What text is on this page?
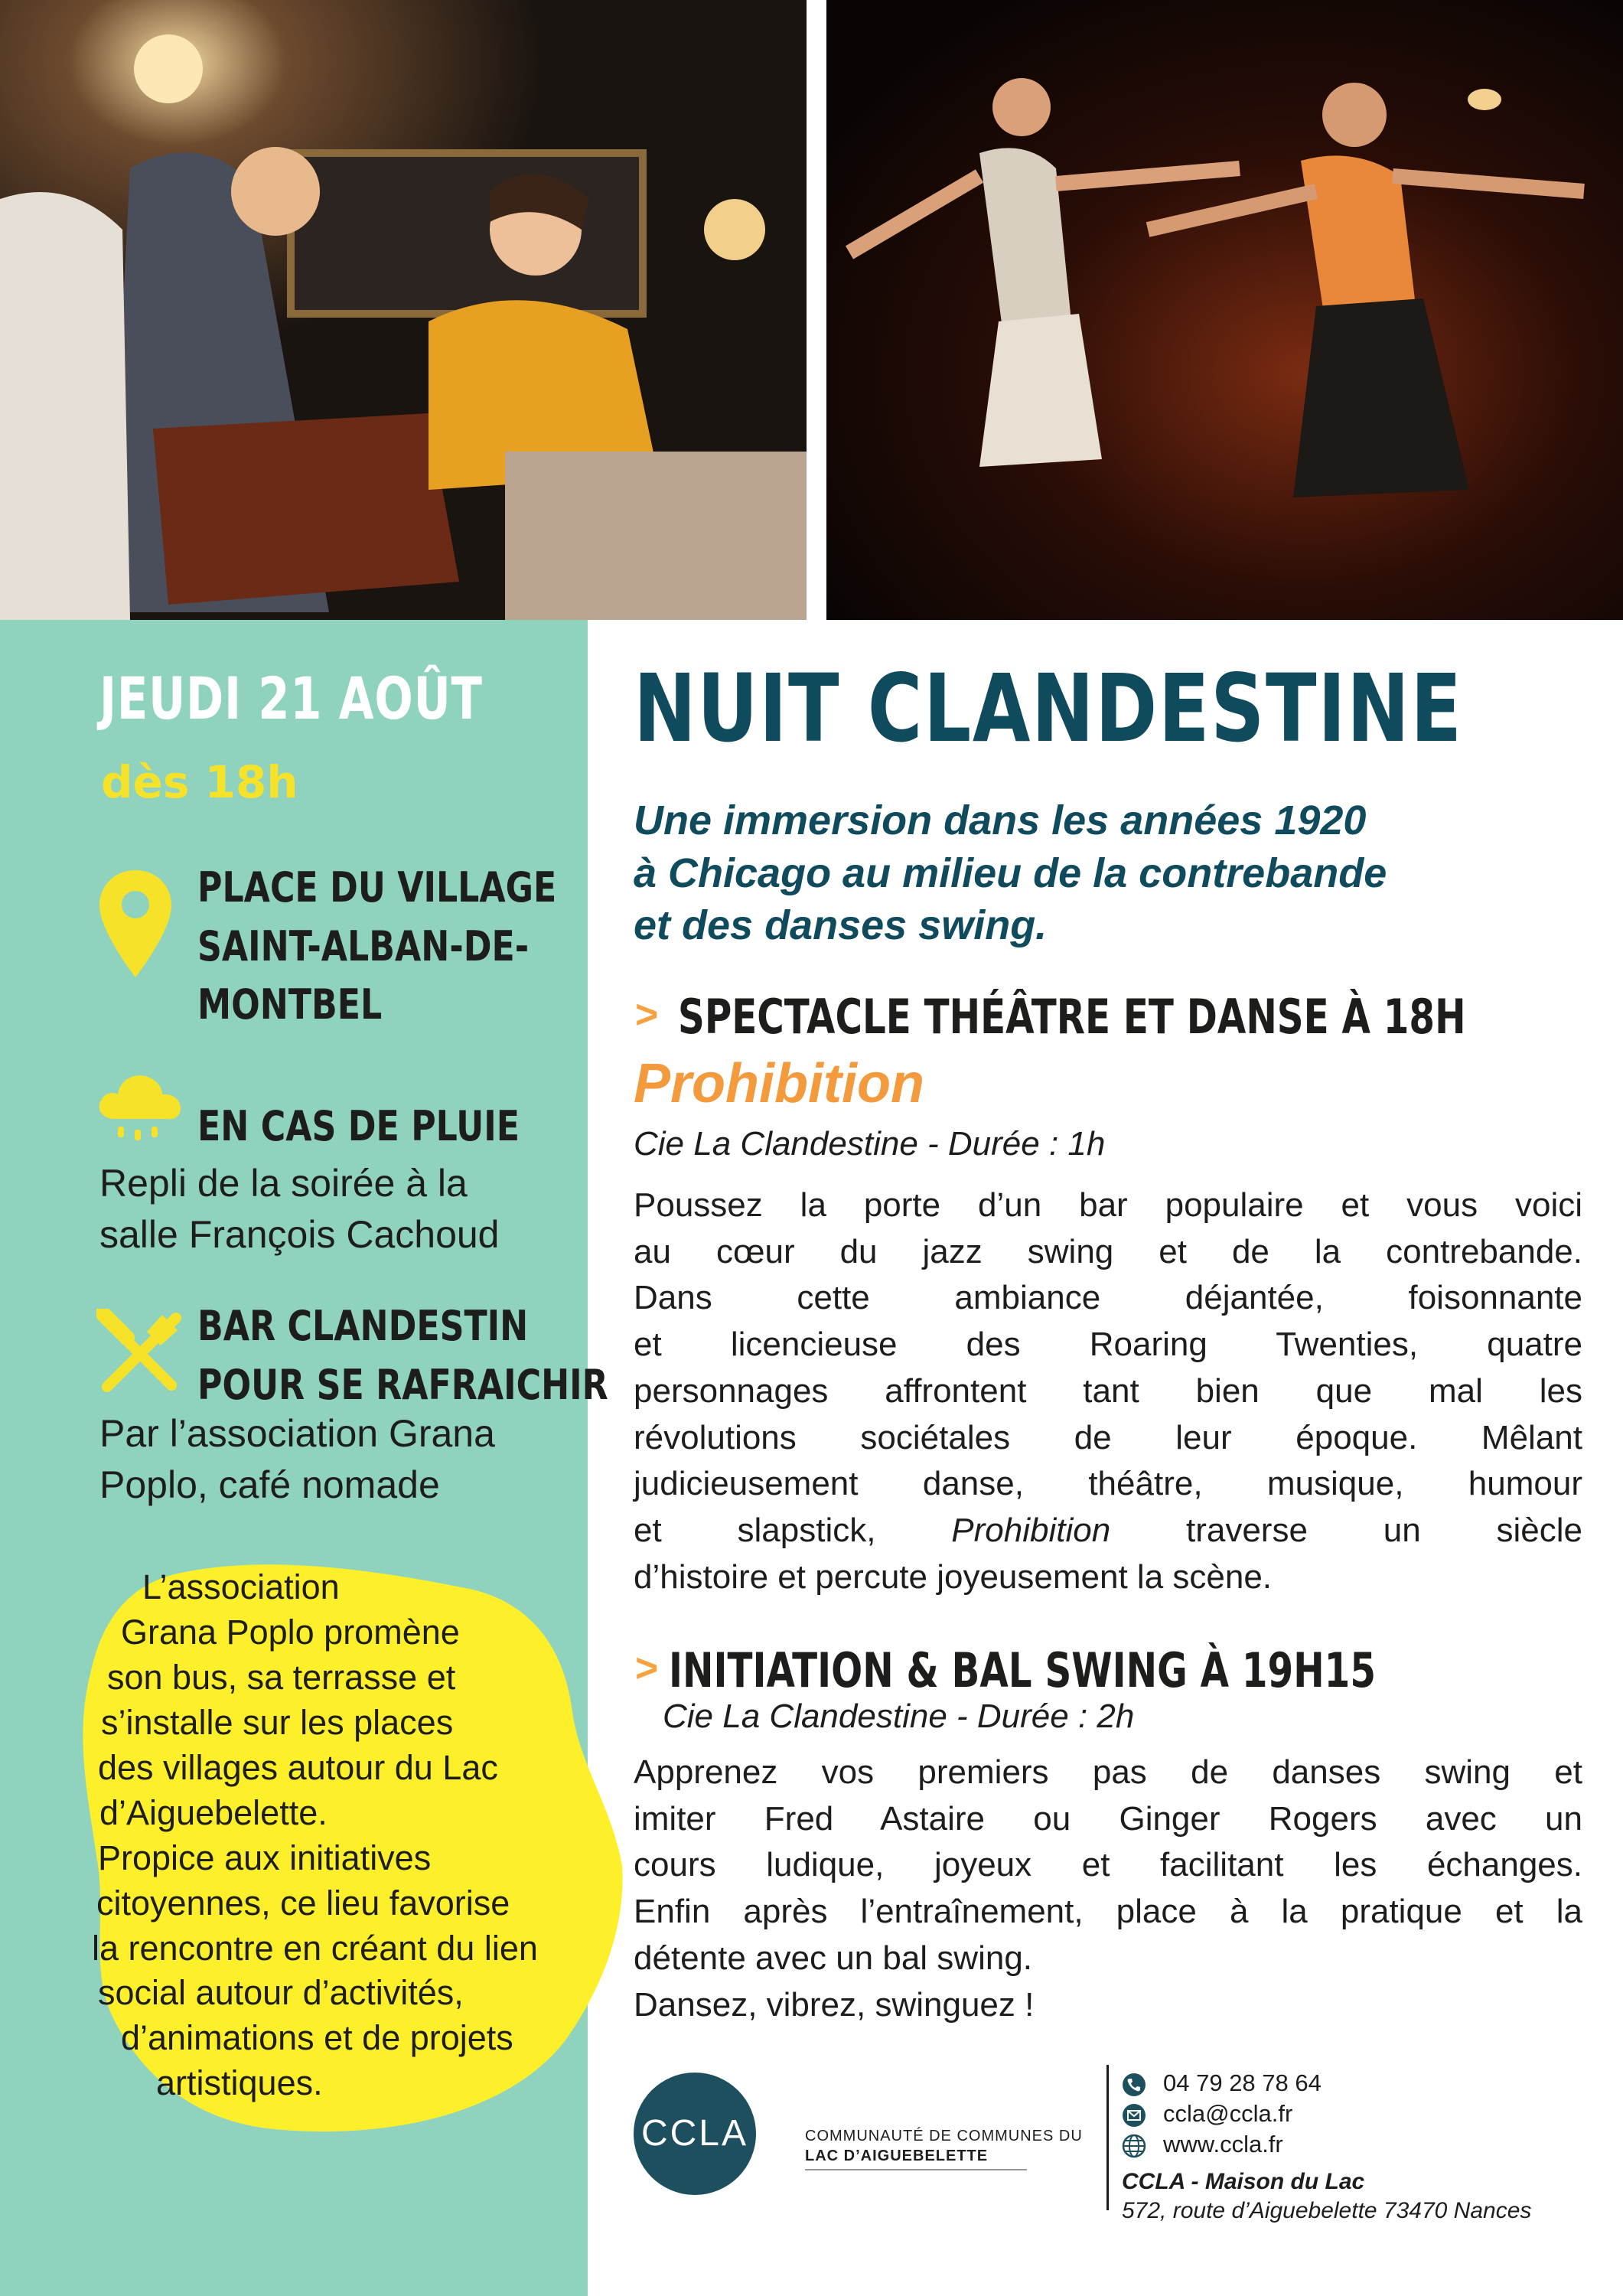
JEUDI 21 AOÛT
dès 18h
PLACE DU VILLAGE
SAINT-ALBAN-DE-
MONTBEL
EN CAS DE PLUIE
Repli de la soirée à la
salle François Cachoud
BAR CLANDESTIN
POUR SE RAFRAICHIR
Par l’association Grana
Poplo, café nomade
L’association
Grana Poplo promène
son bus, sa terrasse et
s’installe sur les places
des villages autour du Lac
d’Aiguebelette.
Propice aux initiatives
citoyennes, ce lieu favorise
la rencontre en créant du lien
social autour d’activités,
d’animations et de projets
artistiques.
NUIT CLANDESTINE
Une immersion dans les années 1920
à Chicago au milieu de la contrebande
et des danses swing.
> SPECTACLE THÉÂTRE ET DANSE À 18H
Prohibition
Cie La Clandestine - Durée : 1h
Poussez la porte d’un bar populaire et vous voici
au cœur du jazz swing et de la contrebande.
Dans cette ambiance déjantée, foisonnante
et licencieuse des Roaring Twenties, quatre
personnages affrontent tant bien que mal les
révolutions sociétales de leur époque. Mêlant
judicieusement danse, théâtre, musique, humour
et slapstick, Prohibition traverse un siècle
d’histoire et percute joyeusement la scène.
> INITIATION & BAL SWING À 19H15
Cie La Clandestine - Durée : 2h
Apprenez vos premiers pas de danses swing et
imiter Fred Astaire ou Ginger Rogers avec un
cours ludique, joyeux et facilitant les échanges.
Enfin après l’entraînement, place à la pratique et la
détente avec un bal swing.
Dansez, vibrez, swinguez !
CCLA	COMMUNAUTÉ DE COMMUNES DU
LAC D’AIGUEBELETTE
04 79 28 78 64
ccla@ccla.fr
www.ccla.fr
CCLA - Maison du Lac
572, route d’Aiguebelette 73470 Nances
